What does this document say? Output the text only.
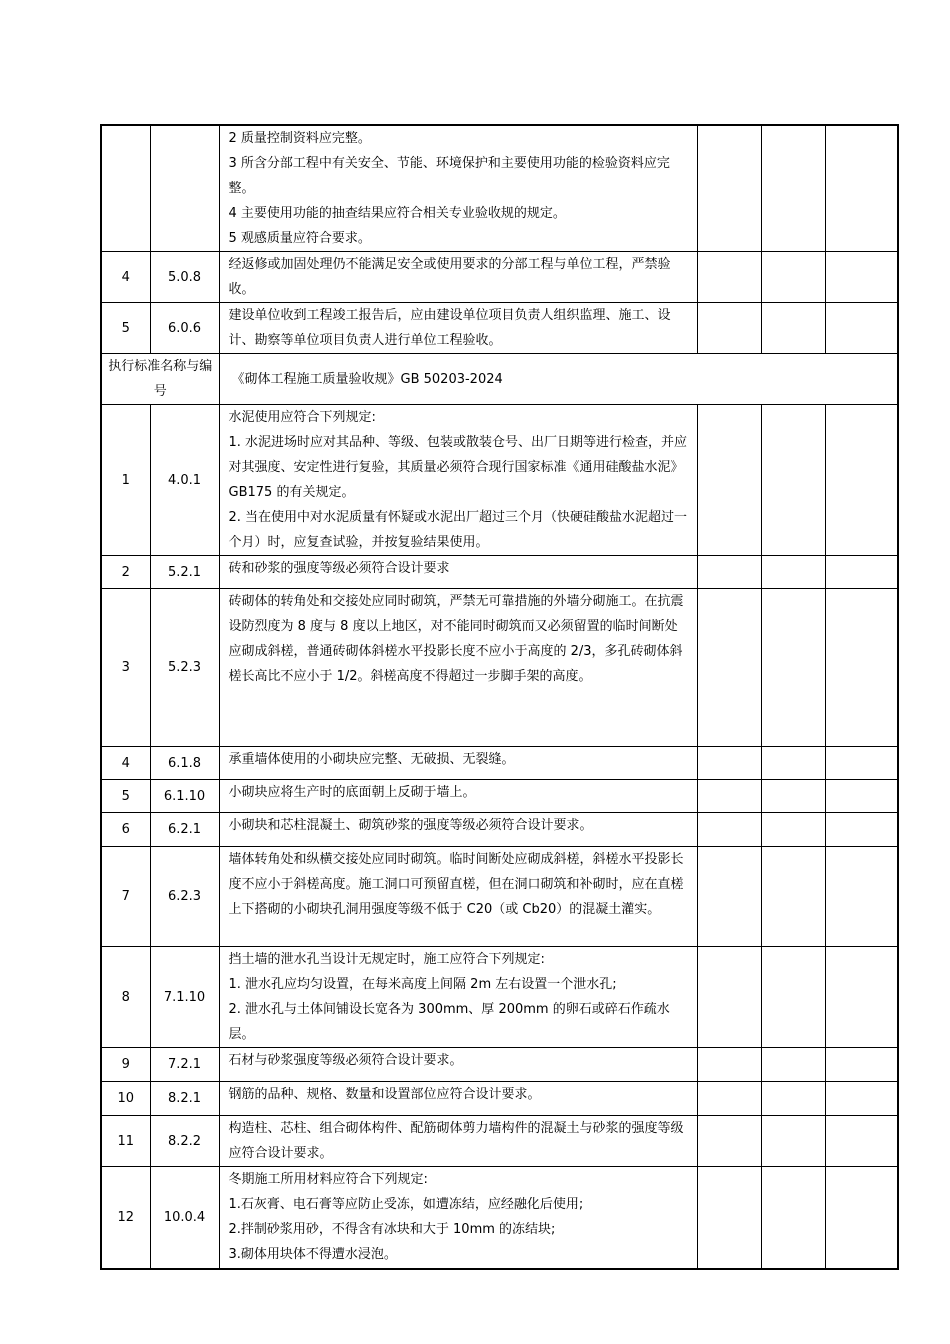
		2 质量控制资料应完整。
3 所含分部工程中有关安全、节能、环境保护和主要使用功能的检验资料应完整。
4 主要使用功能的抽查结果应符合相关专业验收规的规定。
5 观感质量应符合要求。			

4	5.0.8	经返修或加固处理仍不能满足安全或使用要求的分部工程与单位工程，严禁验收。			

5	6.0.6	建设单位收到工程竣工报告后，应由建设单位项目负责人组织监理、施工、设计、勘察等单位项目负责人进行单位工程验收。			

执行标准名称与编号		《砌体工程施工质量验收规》GB 50203-2024			
1	4.0.1	水泥使用应符合下列规定:
1. 水泥进场时应对其品种、等级、包装或散装仓号、出厂日期等进行检查，并应对其强度、安定性进行复验，其质量必须符合现行国家标准《通用硅酸盐水泥》GB175 的有关规定。
2. 当在使用中对水泥质量有怀疑或水泥出厂超过三个月（快硬硅酸盐水泥超过一个月）时，应复查试验，并按复验结果使用。			

2	5.2.1	砖和砂浆的强度等级必须符合设计要求			

3	5.2.3	砖砌体的转角处和交接处应同时砌筑，严禁无可靠措施的外墙分砌施工。在抗震设防烈度为 8 度与 8 度以上地区，对不能同时砌筑而又必须留置的临时间断处应砌成斜槎，普通砖砌体斜槎水平投影长度不应小于高度的 2/3，多孔砖砌体斜槎长高比不应小于 1/2。斜槎高度不得超过一步脚手架的高度。			

4	6.1.8	承重墙体使用的小砌块应完整、无破损、无裂缝。			

5	6.1.10	小砌块应将生产时的底面朝上反砌于墙上。			

6	6.2.1	小砌块和芯柱混凝土、砌筑砂浆的强度等级必须符合设计要求。			

7	6.2.3	墙体转角处和纵横交接处应同时砌筑。临时间断处应砌成斜槎，斜槎水平投影长度不应小于斜槎高度。施工洞口可预留直槎，但在洞口砌筑和补砌时，应在直槎上下搭砌的小砌块孔洞用强度等级不低于 C20（或 Cb20）的混凝土灌实。			

8	7.1.10	挡土墙的泄水孔当设计无规定时，施工应符合下列规定:
1. 泄水孔应均匀设置，在每米高度上间隔 2m 左右设置一个泄水孔;
2. 泄水孔与土体间铺设长宽各为 300mm、厚 200mm 的卵石或碎石作疏水层。			

9	7.2.1	石材与砂浆强度等级必须符合设计要求。			

10	8.2.1	钢筋的品种、规格、数量和设置部位应符合设计要求。			

11	8.2.2	构造柱、芯柱、组合砌体构件、配筋砌体剪力墙构件的混凝土与砂浆的强度等级应符合设计要求。			

12	10.0.4	冬期施工所用材料应符合下列规定:
1.石灰膏、电石膏等应防止受冻，如遭冻结，应经融化后使用;
2.拌制砂浆用砂，不得含有冰块和大于 10mm 的冻结块;
3.砌体用块体不得遭水浸泡。			
